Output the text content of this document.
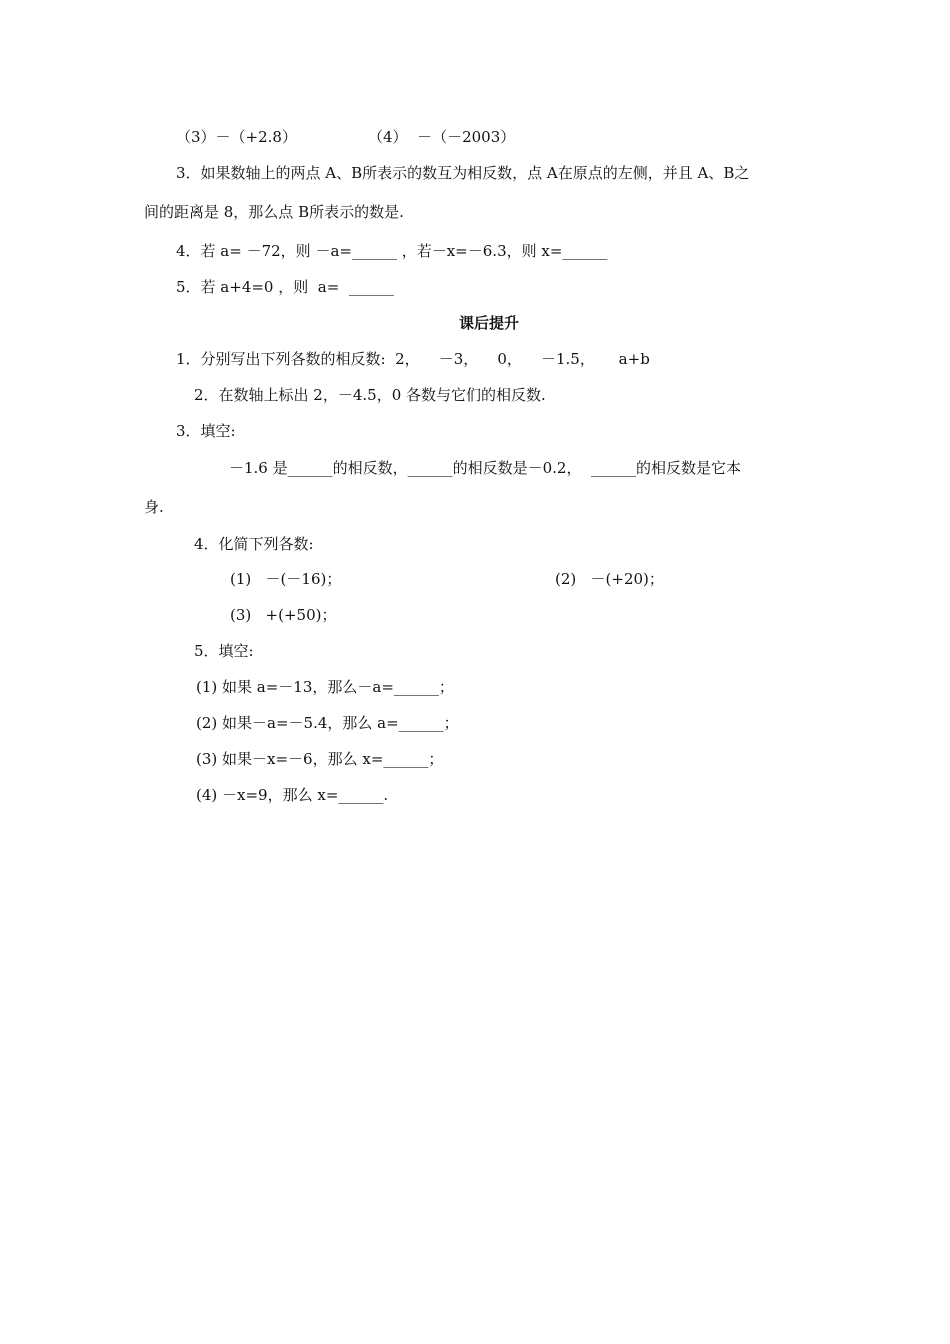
（3）－（+2.8）	（4）  －（－2003）
3．如果数轴上的两点 A、B所表示的数互为相反数，点 A在原点的左侧，并且 A、B之
间的距离是 8，那么点 B所表示的数是.
4．若 a= －72，则 －a=______ ，若－x=－6.3，则 x=______
5．若 a+4=0 ，则  a=  ______
课后提升
1．分别写出下列各数的相反数:  2，    －3，    0，    －1.5，     a+b
2．在数轴上标出 2，－4.5，0 各数与它们的相反数.
3．填空:
－1.6 是______的相反数，______的相反数是－0.2，  ______的相反数是它本
身.
4．化简下列各数:
(1)   －(－16)；	(2)   －(+20)；
(3)   +(+50)；
5．填空:
(1) 如果 a=－13，那么－a=______；
(2) 如果－a=－5.4，那么 a=______；
(3) 如果－x=－6，那么 x=______；
(4) －x=9，那么 x=______.
